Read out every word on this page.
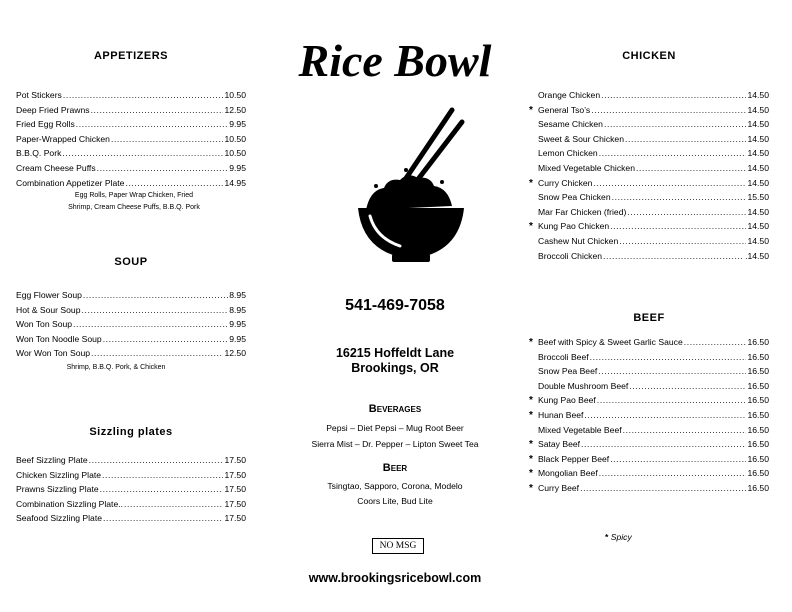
APPETIZERS
Pot Stickers .....	10.50
Deep Fried Prawns .....	12.50
Fried Egg Rolls .....	9.95
Paper-Wrapped Chicken .....	10.50
B.B.Q. Pork .....	10.50
Cream Cheese Puffs .....	9.95
Combination Appetizer Plate .....	14.95
Egg Rolls, Paper Wrap Chicken, Fried
Shrimp, Cream Cheese Puffs, B.B.Q. Pork
SOUP
Egg Flower Soup .....	8.95
Hot & Sour Soup .....	8.95
Won Ton Soup .....	9.95
Won Ton Noodle Soup .....	9.95
Wor Won Ton Soup .....	12.50
Shrimp, B.B.Q. Pork, & Chicken
Sizzling plates
Beef Sizzling Plate .....	17.50
Chicken Sizzling Plate .....	17.50
Prawns Sizzling Plate .....	17.50
Combination Sizzling Plate.. .....	17.50
Seafood Sizzling Plate .....	17.50
Rice Bowl
541-469-7058
16215 Hoffeldt Lane
Brookings, OR
Beverages
Pepsi – Diet Pepsi – Mug Root Beer
Sierra Mist – Dr. Pepper – Lipton Sweet Tea
Beer
Tsingtao, Sapporo, Corona, Modelo
Coors Lite, Bud Lite
NO MSG
www.brookingsricebowl.com
CHICKEN
Orange Chicken .....	14.50
* General Tso’s .....	14.50
Sesame Chicken .....	14.50
Sweet & Sour Chicken .....	14.50
Lemon Chicken .....	14.50
Mixed Vegetable Chicken .....	14.50
* Curry Chicken .....	14.50
Snow Pea Chicken .....	15.50
Mar Far Chicken (fried) .....	14.50
* Kung Pao Chicken .....	14.50
Cashew Nut Chicken .....	14.50
Broccoli Chicken .....	.14.50
BEEF
* Beef with Spicy & Sweet Garlic Sauce .....	16.50
Broccoli Beef .....	16.50
Snow Pea Beef .....	16.50
Double Mushroom Beef .....	16.50
* Kung Pao Beef .....	16.50
* Hunan Beef .....	16.50
Mixed Vegetable Beef .....	16.50
* Satay Beef .....	16.50
* Black Pepper Beef .....	16.50
* Mongolian Beef .....	16.50
* Curry Beef .....	16.50
* Spicy
